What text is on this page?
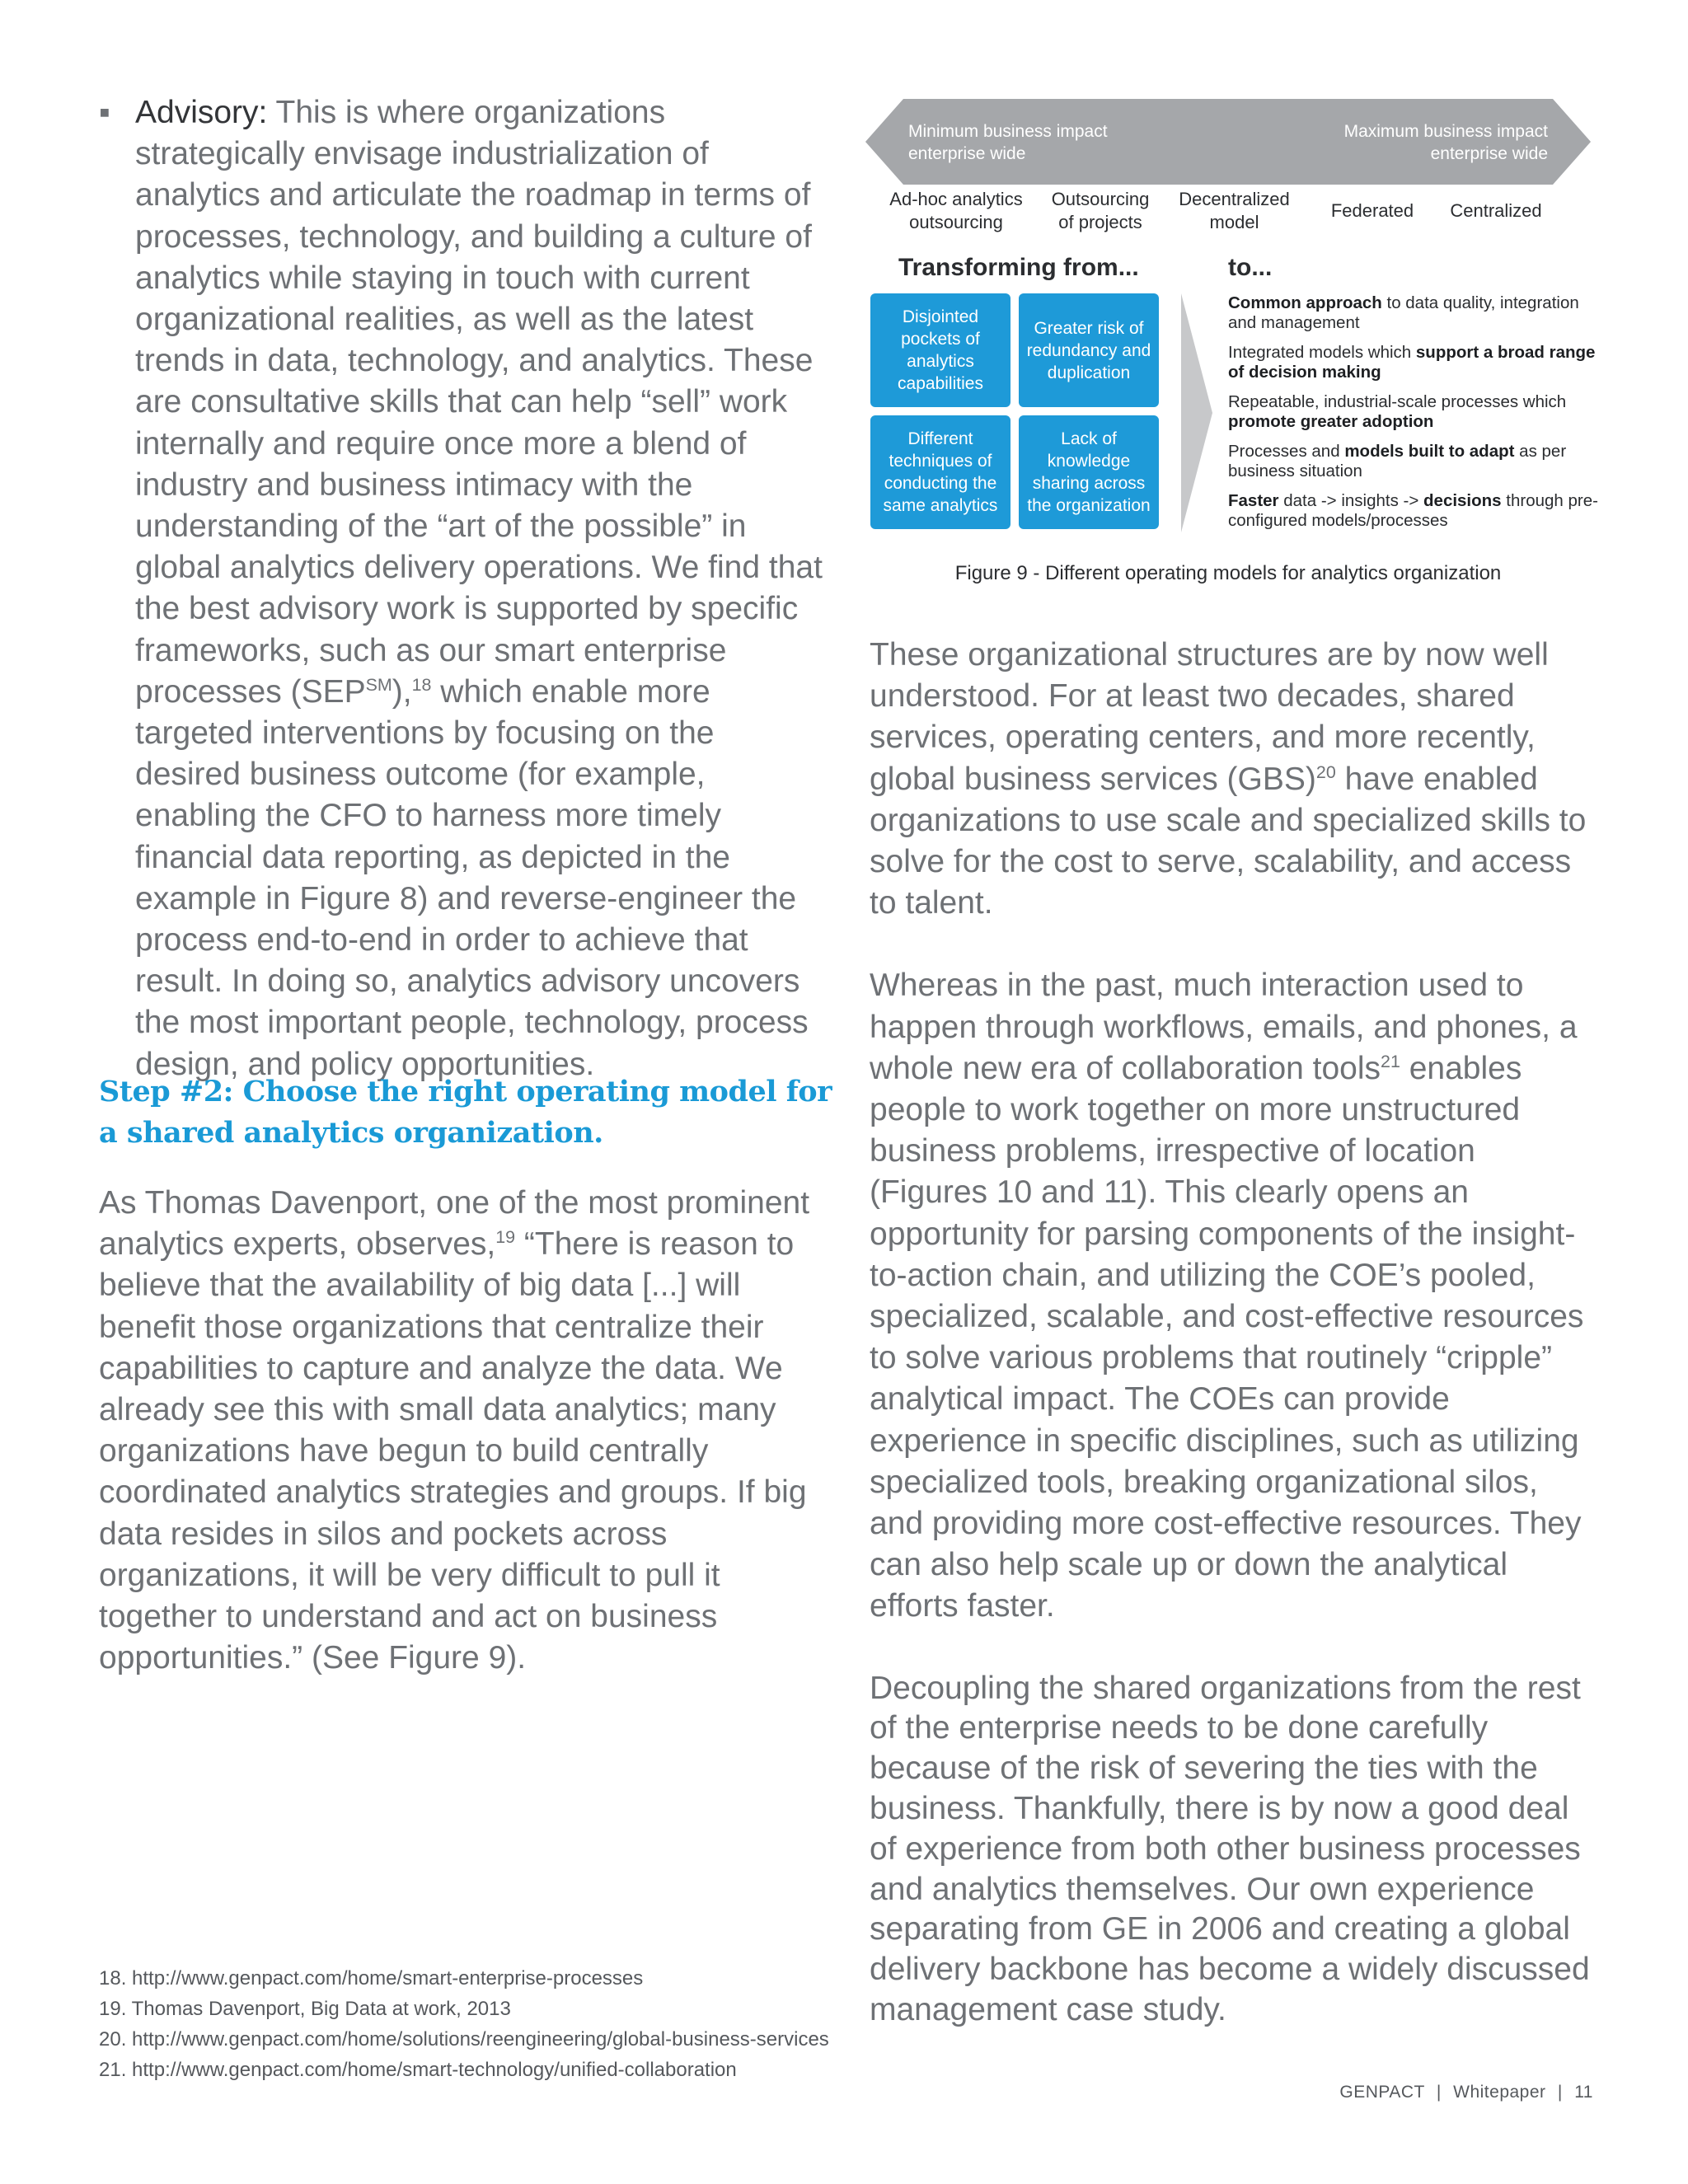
▪ Advisory: This is where organizations strategically envisage industrialization of analytics and articulate the roadmap in terms of processes, technology, and building a culture of analytics while staying in touch with current organizational realities, as well as the latest trends in data, technology, and analytics. These are consultative skills that can help “sell” work internally and require once more a blend of industry and business intimacy with the understanding of the “art of the possible” in global analytics delivery operations. We find that the best advisory work is supported by specific frameworks, such as our smart enterprise processes (SEP℠),$^{18}$ which enable more targeted interventions by focusing on the desired business outcome (for example, enabling the CFO to harness more timely financial data reporting, as depicted in the example in Figure 8) and reverse-engineer the process end-to-end in order to achieve that result. In doing so, analytics advisory uncovers the most important people, technology, process design, and policy opportunities.

Step #2: Choose the right operating model for a shared analytics organization.

As Thomas Davenport, one of the most prominent analytics experts, observes,$^{19}$ “There is reason to believe that the availability of big data [...] will benefit those organizations that centralize their capabilities to capture and analyze the data. We already see this with small data analytics; many organizations have begun to build centrally coordinated analytics strategies and groups. If big data resides in silos and pockets across organizations, it will be very difficult to pull it together to understand and act on business opportunities.” (See Figure 9).

Minimum business impact
enterprise wide
Maximum business impact
enterprise wide
Ad-hoc analytics
outsourcing
Outsourcing
of projects
Decentralized
model
Federated	Centralized
Transforming from...	to...
Disjointed pockets of analytics capabilities
Greater risk of redundancy and duplication
Different techniques of conducting the same analytics
Lack of knowledge sharing across the organization

Common approach to data quality, integration and management

Integrated models which support a broad range of decision making

Repeatable, industrial-scale processes which promote greater adoption

Processes and models built to adapt as per business situation

Faster data -> insights -> decisions through pre-configured models/processes

Figure 9 - Different operating models for analytics organization

These organizational structures are by now well understood. For at least two decades, shared services, operating centers, and more recently, global business services (GBS)$^{20}$ have enabled organizations to use scale and specialized skills to solve for the cost to serve, scalability, and access to talent.

Whereas in the past, much interaction used to happen through workflows, emails, and phones, a whole new era of collaboration tools$^{21}$ enables people to work together on more unstructured business problems, irrespective of location (Figures 10 and 11). This clearly opens an opportunity for parsing components of the insight-to-action chain, and utilizing the COE’s pooled, specialized, scalable, and cost-effective resources to solve various problems that routinely “cripple” analytical impact. The COEs can provide experience in specific disciplines, such as utilizing specialized tools, breaking organizational silos, and providing more cost-effective resources. They can also help scale up or down the analytical efforts faster.

Decoupling the shared organizations from the rest of the enterprise needs to be done carefully because of the risk of severing the ties with the business. Thankfully, there is by now a good deal of experience from both other business processes and analytics themselves. Our own experience separating from GE in 2006 and creating a global delivery backbone has become a widely discussed management case study.

18. http://www.genpact.com/home/smart-enterprise-processes
19. Thomas Davenport, Big Data at work, 2013
20. http://www.genpact.com/home/solutions/reengineering/global-business-services
21. http://www.genpact.com/home/smart-technology/unified-collaboration
GENPACT | Whitepaper | 11
